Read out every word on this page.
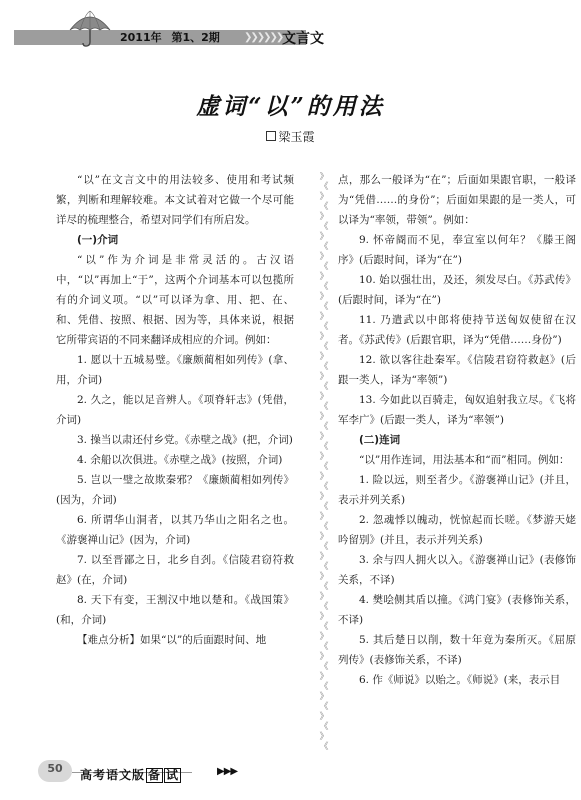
2011年 第1、2期	❯❯❯❯❯❯ 文言文
虚词“以”的用法
梁玉霞

“以”在文言文中的用法较多、使用和考试频繁，判断和理解较难。本文试着对它做一个尽可能详尽的梳理整合，希望对同学们有所启发。

(一)介词

“以”作为介词是非常灵活的。古汉语中，“以”再加上“于”，这两个介词基本可以包揽所有的介词义项。“以”可以译为拿、用、把、在、和、凭借、按照、根据、因为等，具体来说，根据它所带宾语的不同来翻译成相应的介词。例如：

1. 愿以十五城易璧。《廉颇蔺相如列传》(拿、用，介词)

2. 久之，能以足音辨人。《项脊轩志》(凭借，介词)

3. 操当以肃还付乡党。《赤壁之战》(把，介词)

4. 余船以次俱进。《赤壁之战》(按照，介词)

5. 岂以一璧之故欺秦邪？《廉颇蔺相如列传》(因为，介词)

6. 所谓华山洞者，以其乃华山之阳名之也。《游褒禅山记》(因为，介词)

7. 以至晋鄙之日，北乡自刭。《信陵君窃符救赵》(在，介词)

8. 天下有变，王割汉中地以楚和。《战国策》(和，介词)

【难点分析】如果“以”的后面跟时间、地

》
《
》
《
》
《
》
《
》
《
》
《
》
《
》
《
》
《
》
《
》
《
》
《
》
《
》
《
》
《
》
《
》
《
》
《
》
《
》
《
》
《
》
《
》
《
》
《
》
《
》
《
》
《
》
《
》
《

点，那么一般译为“在”；后面如果跟官职，一般译为“凭借……的身份”；后面如果跟的是一类人，可以译为“率领，带领”。例如：

9. 怀帝阍而不见，奉宣室以何年？《滕王阁序》(后跟时间，译为“在”)

10. 始以强壮出，及还，须发尽白。《苏武传》(后跟时间，译为“在”)

11. 乃遣武以中郎将使持节送匈奴使留在汉者。《苏武传》(后跟官职，译为“凭借……身份”)

12. 欲以客往赴秦军。《信陵君窃符救赵》(后跟一类人，译为“率领”)

13. 今如此以百骑走，匈奴追射我立尽。《飞将军李广》(后跟一类人，译为“率领”)

(二)连词

“以”用作连词，用法基本和“而”相同。例如：

1. 险以远，则至者少。《游褒禅山记》(并且，表示并列关系)

2. 忽魂悸以魄动，恍惊起而长嗟。《梦游天姥吟留别》(并且，表示并列关系)

3. 余与四人拥火以入。《游褒禅山记》(表修饰关系，不译)

4. 樊哙侧其盾以撞。《鸿门宴》(表修饰关系，不译)

5. 其后楚日以削，数十年竟为秦所灭。《屈原列传》(表修饰关系，不译)

6. 作《师说》以贻之。《师说》(来，表示目

50	高考语文版 备 试	▶▶▶
